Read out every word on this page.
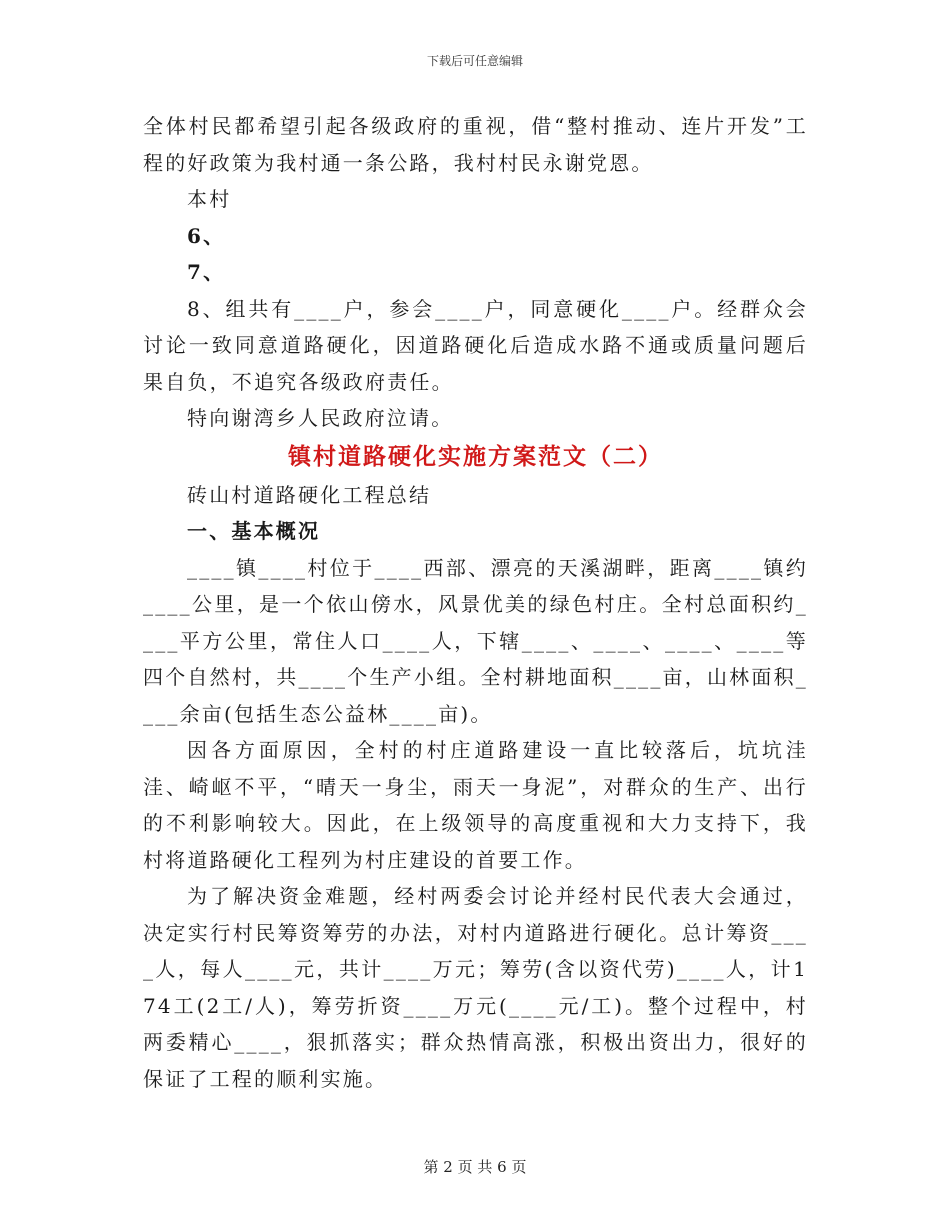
下载后可任意编辑

全体村民都希望引起各级政府的重视，借“整村推动、连片开发”工程的好政策为我村通一条公路，我村村民永谢党恩。

本村

6、

7、

8、组共有____户，参会____户，同意硬化____户。经群众会讨论一致同意道路硬化，因道路硬化后造成水路不通或质量问题后果自负，不追究各级政府责任。

特向谢湾乡人民政府泣请。

镇村道路硬化实施方案范文（二）

砖山村道路硬化工程总结

一、基本概况

____镇____村位于____西部、漂亮的天溪湖畔，距离____镇约____公里，是一个依山傍水，风景优美的绿色村庄。全村总面积约____平方公里，常住人口____人，下辖____、____、____、____等四个自然村，共____个生产小组。全村耕地面积____亩，山林面积____余亩(包括生态公益林____亩)。

因各方面原因，全村的村庄道路建设一直比较落后，坑坑洼洼、崎岖不平，“晴天一身尘，雨天一身泥”，对群众的生产、出行的不利影响较大。因此，在上级领导的高度重视和大力支持下，我村将道路硬化工程列为村庄建设的首要工作。

为了解决资金难题，经村两委会讨论并经村民代表大会通过，决定实行村民筹资筹劳的办法，对村内道路进行硬化。总计筹资____人，每人____元，共计____万元；筹劳(含以资代劳)____人，计174工(2工/人)，筹劳折资____万元(____元/工)。整个过程中，村两委精心____，狠抓落实；群众热情高涨，积极出资出力，很好的保证了工程的顺利实施。

第 2 页 共 6 页
